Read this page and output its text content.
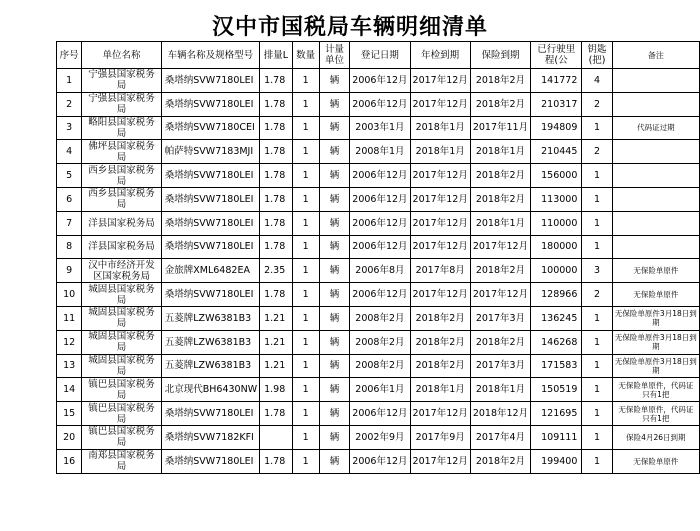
汉中市国税局车辆明细清单
序号	单位名称	车辆名称及规格型号	排量L	数量	计量单位	登记日期	年检到期	保险到期	已行驶里程(公	钥匙(把)	备注
1	宁强县国家税务局	桑塔纳SVW7180LEI	1.78	1	辆	2006年12月	2017年12月	2018年2月	141772	4	
2	宁强县国家税务局	桑塔纳SVW7180LEI	1.78	1	辆	2006年12月	2017年12月	2018年2月	210317	2	
3	略阳县国家税务局	桑塔纳SVW7180CEI	1.78	1	辆	2003年1月	2018年1月	2017年11月	194809	1	代码证过期
4	佛坪县国家税务局	帕萨特SVW7183MJI	1.78	1	辆	2008年1月	2018年1月	2018年1月	210445	2	
5	西乡县国家税务局	桑塔纳SVW7180LEI	1.78	1	辆	2006年12月	2017年12月	2018年2月	156000	1	
6	西乡县国家税务局	桑塔纳SVW7180LEI	1.78	1	辆	2006年12月	2017年12月	2018年2月	113000	1	
7	洋县国家税务局	桑塔纳SVW7180LEI	1.78	1	辆	2006年12月	2017年12月	2018年1月	110000	1	
8	洋县国家税务局	桑塔纳SVW7180LEI	1.78	1	辆	2006年12月	2017年12月	2017年12月	180000	1	
9	汉中市经济开发区国家税务局	金旅牌XML6482EA	2.35	1	辆	2006年8月	2017年8月	2018年2月	100000	3	无保险单原件
10	城固县国家税务局	桑塔纳SVW7180LEI	1.78	1	辆	2006年12月	2017年12月	2017年12月	128966	2	无保险单原件
11	城固县国家税务局	五菱牌LZW6381B3	1.21	1	辆	2008年2月	2018年2月	2017年3月	136245	1	无保险单原件3月18日到期
12	城固县国家税务局	五菱牌LZW6381B3	1.21	1	辆	2008年2月	2018年2月	2018年2月	146268	1	无保险单原件3月18日到期
13	城固县国家税务局	五菱牌LZW6381B3	1.21	1	辆	2008年2月	2018年2月	2017年3月	171583	1	无保险单原件3月18日到期
14	镇巴县国家税务局	北京现代BH6430NW	1.98	1	辆	2006年1月	2018年1月	2018年1月	150519	1	无保险单原件，代码证只有1把
15	镇巴县国家税务局	桑塔纳SVW7180LEI	1.78	1	辆	2006年12月	2017年12月	2018年12月	121695	1	无保险单原件，代码证只有1把
20	镇巴县国家税务局	桑塔纳SVW7182KFI		1	辆	2002年9月	2017年9月	2017年4月	109111	1	保险4月26日到期
16	南郑县国家税务局	桑塔纳SVW7180LEI	1.78	1	辆	2006年12月	2017年12月	2018年2月	199400	1	无保险单原件
